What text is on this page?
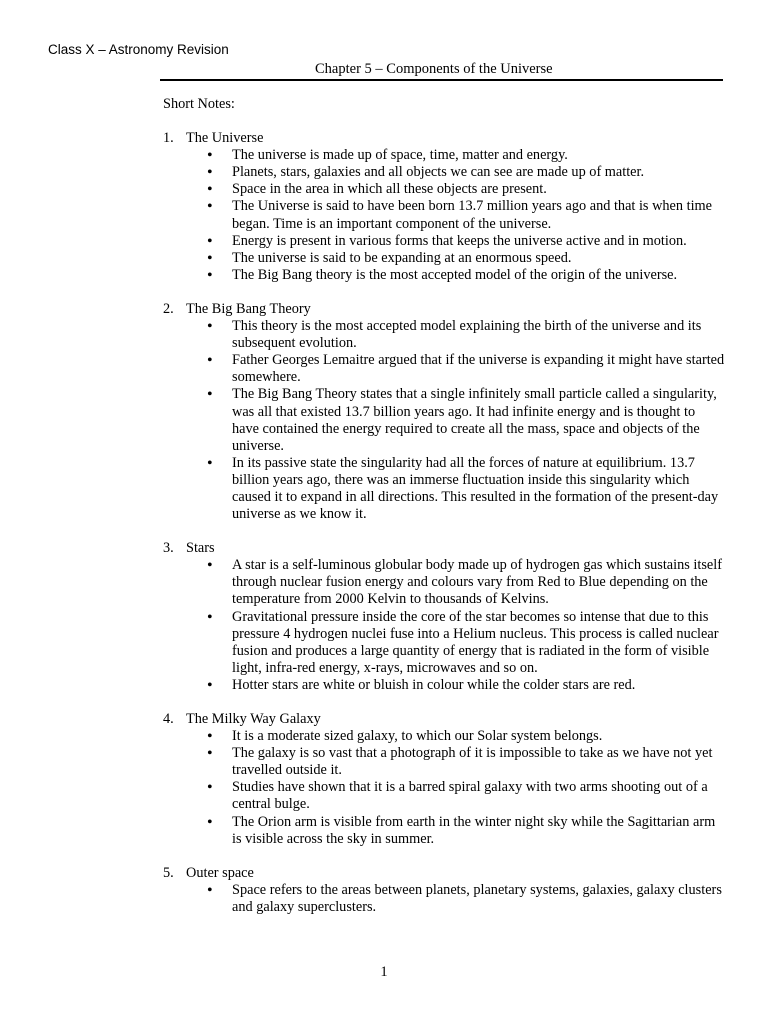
Class X – Astronomy Revision
Chapter 5 – Components of the Universe

Short Notes:

1. The Universe

• The universe is made up of space, time, matter and energy.
• Planets, stars, galaxies and all objects we can see are made up of matter.
• Space in the area in which all these objects are present.
• The Universe is said to have been born 13.7 million years ago and that is when time began. Time is an important component of the universe.
• Energy is present in various forms that keeps the universe active and in motion.
• The universe is said to be expanding at an enormous speed.
• The Big Bang theory is the most accepted model of the origin of the universe.

2. The Big Bang Theory

• This theory is the most accepted model explaining the birth of the universe and its subsequent evolution.
• Father Georges Lemaitre argued that if the universe is expanding it might have started somewhere.
• The Big Bang Theory states that a single infinitely small particle called a singularity, was all that existed 13.7 billion years ago. It had infinite energy and is thought to have contained the energy required to create all the mass, space and objects of the universe.
• In its passive state the singularity had all the forces of nature at equilibrium. 13.7 billion years ago, there was an immerse fluctuation inside this singularity which caused it to expand in all directions. This resulted in the formation of the present-day universe as we know it.

3. Stars

• A star is a self-luminous globular body made up of hydrogen gas which sustains itself through nuclear fusion energy and colours vary from Red to Blue depending on the temperature from 2000 Kelvin to thousands of Kelvins.
• Gravitational pressure inside the core of the star becomes so intense that due to this pressure 4 hydrogen nuclei fuse into a Helium nucleus. This process is called nuclear fusion and produces a large quantity of energy that is radiated in the form of visible light, infra-red energy, x-rays, microwaves and so on.
• Hotter stars are white or bluish in colour while the colder stars are red.

4. The Milky Way Galaxy

• It is a moderate sized galaxy, to which our Solar system belongs.
• The galaxy is so vast that a photograph of it is impossible to take as we have not yet travelled outside it.
• Studies have shown that it is a barred spiral galaxy with two arms shooting out of a central bulge.
• The Orion arm is visible from earth in the winter night sky while the Sagittarian arm is visible across the sky in summer.

5. Outer space

• Space refers to the areas between planets, planetary systems, galaxies, galaxy clusters and galaxy superclusters.
1
